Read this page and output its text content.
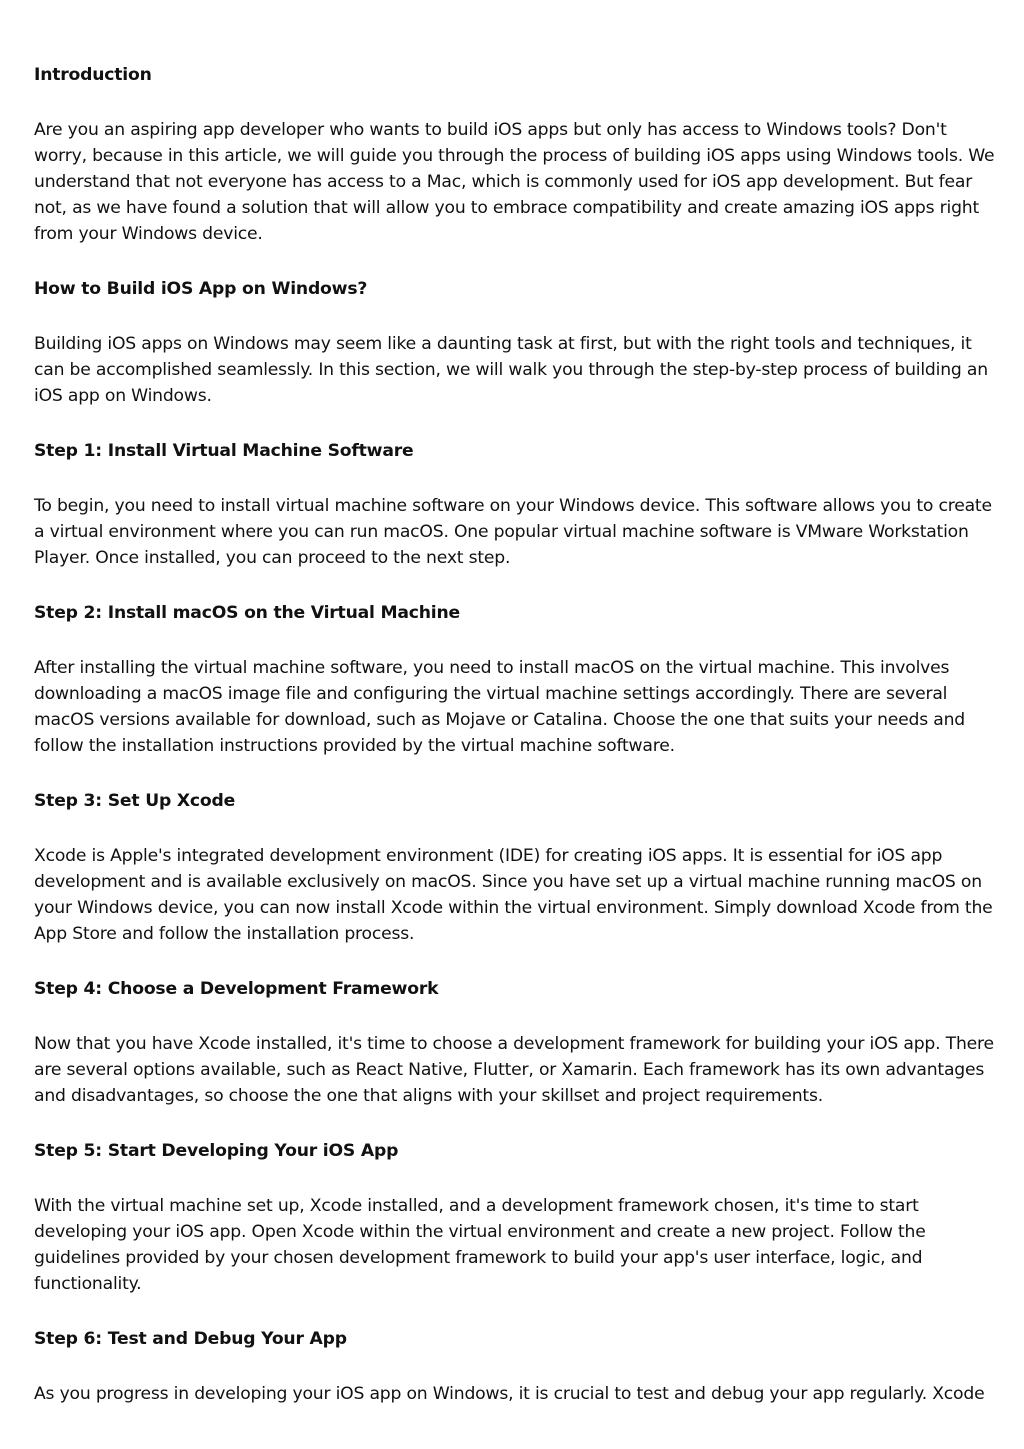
Introduction

Are you an aspiring app developer who wants to build iOS apps but only has access to Windows tools? Don't worry, because in this article, we will guide you through the process of building iOS apps using Windows tools. We understand that not everyone has access to a Mac, which is commonly used for iOS app development. But fear not, as we have found a solution that will allow you to embrace compatibility and create amazing iOS apps right from your Windows device.

How to Build iOS App on Windows?

Building iOS apps on Windows may seem like a daunting task at first, but with the right tools and techniques, it can be accomplished seamlessly. In this section, we will walk you through the step-by-step process of building an iOS app on Windows.

Step 1: Install Virtual Machine Software

To begin, you need to install virtual machine software on your Windows device. This software allows you to create a virtual environment where you can run macOS. One popular virtual machine software is VMware Workstation Player. Once installed, you can proceed to the next step.

Step 2: Install macOS on the Virtual Machine

After installing the virtual machine software, you need to install macOS on the virtual machine. This involves downloading a macOS image file and configuring the virtual machine settings accordingly. There are several macOS versions available for download, such as Mojave or Catalina. Choose the one that suits your needs and follow the installation instructions provided by the virtual machine software.

Step 3: Set Up Xcode

Xcode is Apple's integrated development environment (IDE) for creating iOS apps. It is essential for iOS app development and is available exclusively on macOS. Since you have set up a virtual machine running macOS on your Windows device, you can now install Xcode within the virtual environment. Simply download Xcode from the App Store and follow the installation process.

Step 4: Choose a Development Framework

Now that you have Xcode installed, it's time to choose a development framework for building your iOS app. There are several options available, such as React Native, Flutter, or Xamarin. Each framework has its own advantages and disadvantages, so choose the one that aligns with your skillset and project requirements.

Step 5: Start Developing Your iOS App

With the virtual machine set up, Xcode installed, and a development framework chosen, it's time to start developing your iOS app. Open Xcode within the virtual environment and create a new project. Follow the guidelines provided by your chosen development framework to build your app's user interface, logic, and functionality.

Step 6: Test and Debug Your App

As you progress in developing your iOS app on Windows, it is crucial to test and debug your app regularly. Xcode
